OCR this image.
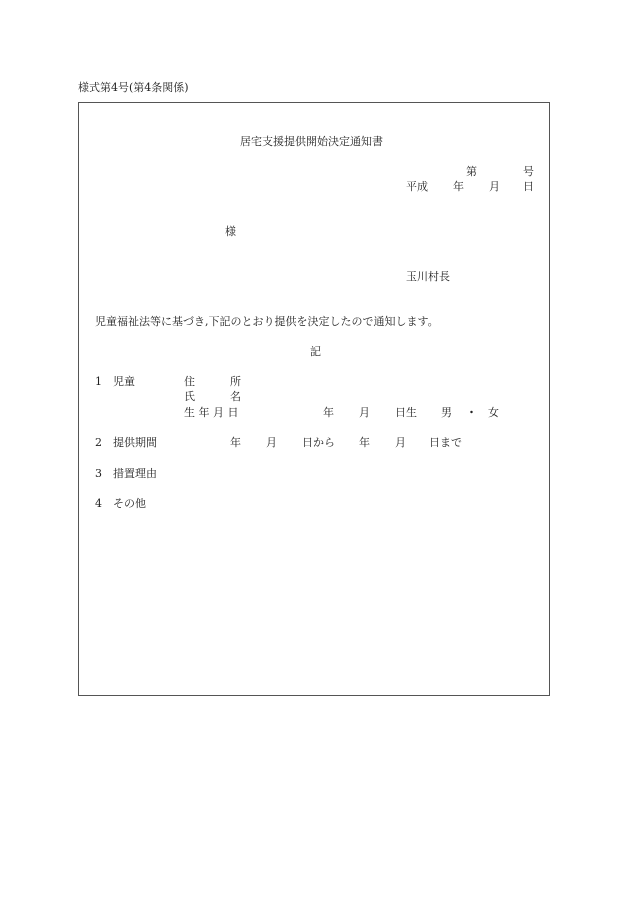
様式第4号(第4条関係)
居宅支援提供開始決定通知書
第	号
平成 年 月 日
様
玉川村長
児童福祉法等に基づき,下記のとおり提供を決定したので通知します。
記
1 児童	住	所
氏	名
生 年 月 日	年 月 日生 男 ・ 女
2 提供期間	年 月 日から 年 月 日まで
3 措置理由
4 その他
